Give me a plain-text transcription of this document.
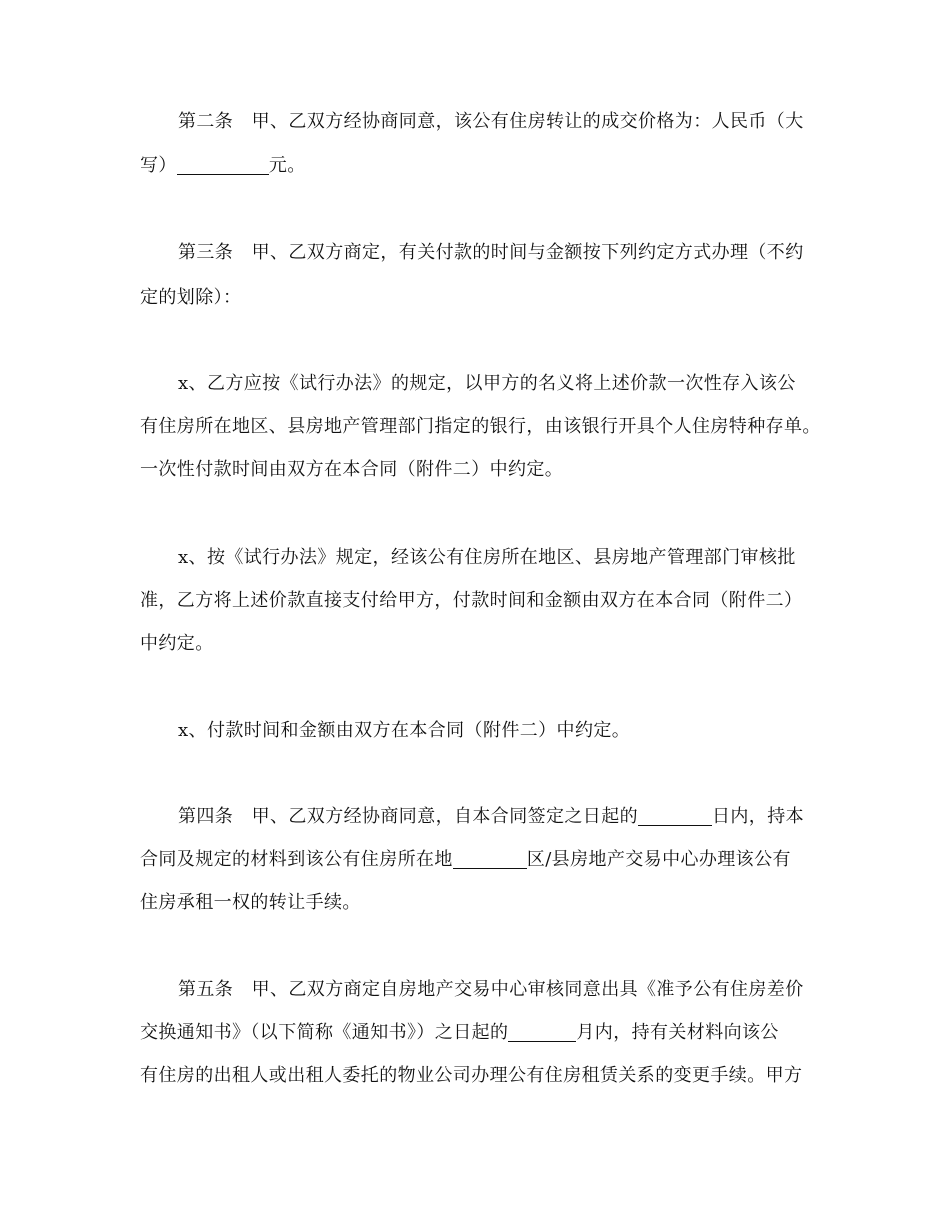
第二条　甲、乙双方经协商同意，该公有住房转让的成交价格为：人民币（大
写）	元。
第三条　甲、乙双方商定，有关付款的时间与金额按下列约定方式办理（不约
定的划除）：
x、乙方应按《试行办法》的规定，以甲方的名义将上述价款一次性存入该公
有住房所在地区、县房地产管理部门指定的银行，由该银行开具个人住房特种存单。
一次性付款时间由双方在本合同（附件二）中约定。
x、按《试行办法》规定，经该公有住房所在地区、县房地产管理部门审核批
准，乙方将上述价款直接支付给甲方，付款时间和金额由双方在本合同（附件二）
中约定。
x、付款时间和金额由双方在本合同（附件二）中约定。
第四条　甲、乙双方经协商同意，自本合同签定之日起的	日内，持本
合同及规定的材料到该公有住房所在地	区/县房地产交易中心办理该公有
住房承租一权的转让手续。
第五条　甲、乙双方商定自房地产交易中心审核同意出具《准予公有住房差价
交换通知书》（以下简称《通知书》）之日起的	月内，持有关材料向该公
有住房的出租人或出租人委托的物业公司办理公有住房租赁关系的变更手续。甲方
